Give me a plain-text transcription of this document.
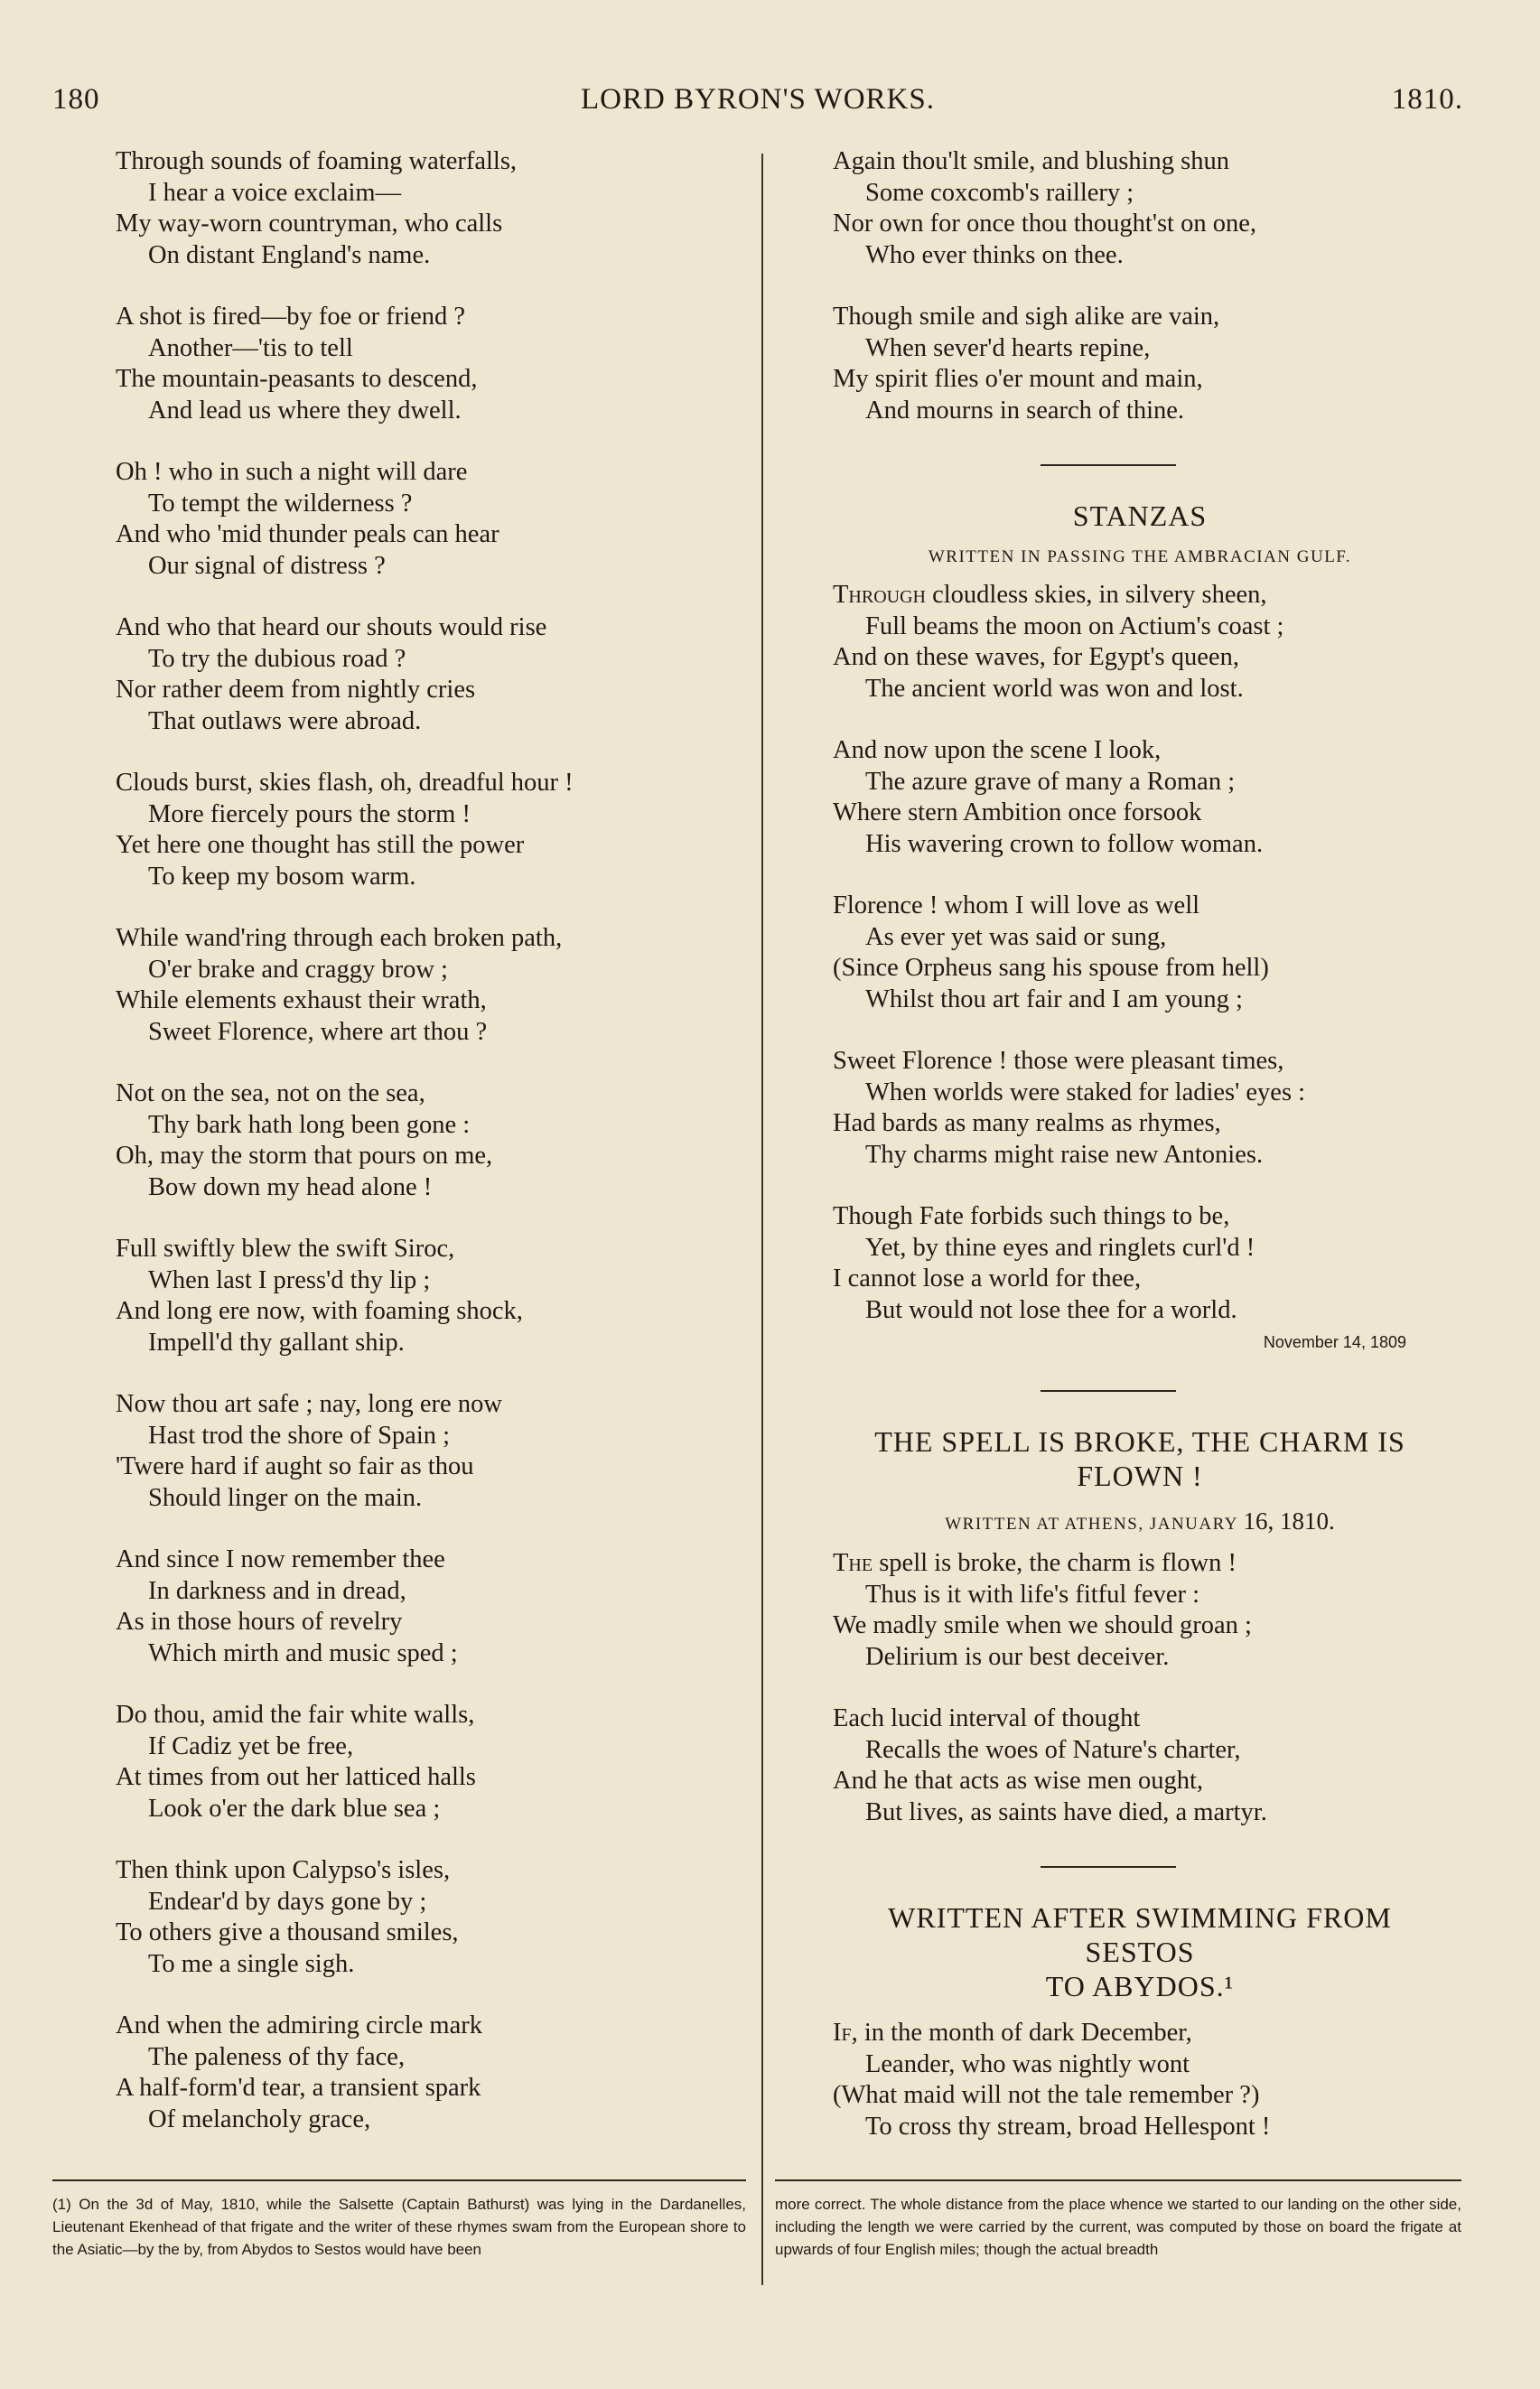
180	LORD BYRON'S WORKS.	1810.
Through sounds of foaming waterfalls,
I hear a voice exclaim—
My way-worn countryman, who calls
On distant England's name.
A shot is fired—by foe or friend ?
Another—'tis to tell
The mountain-peasants to descend,
And lead us where they dwell.
Oh ! who in such a night will dare
To tempt the wilderness ?
And who 'mid thunder peals can hear
Our signal of distress ?
And who that heard our shouts would rise
To try the dubious road ?
Nor rather deem from nightly cries
That outlaws were abroad.
Clouds burst, skies flash, oh, dreadful hour !
More fiercely pours the storm !
Yet here one thought has still the power
To keep my bosom warm.
While wand'ring through each broken path,
O'er brake and craggy brow ;
While elements exhaust their wrath,
Sweet Florence, where art thou ?
Not on the sea, not on the sea,
Thy bark hath long been gone :
Oh, may the storm that pours on me,
Bow down my head alone !
Full swiftly blew the swift Siroc,
When last I press'd thy lip ;
And long ere now, with foaming shock,
Impell'd thy gallant ship.
Now thou art safe ; nay, long ere now
Hast trod the shore of Spain ;
'Twere hard if aught so fair as thou
Should linger on the main.
And since I now remember thee
In darkness and in dread,
As in those hours of revelry
Which mirth and music sped ;
Do thou, amid the fair white walls,
If Cadiz yet be free,
At times from out her latticed halls
Look o'er the dark blue sea ;
Then think upon Calypso's isles,
Endear'd by days gone by ;
To others give a thousand smiles,
To me a single sigh.
And when the admiring circle mark
The paleness of thy face,
A half-form'd tear, a transient spark
Of melancholy grace,
Again thou'lt smile, and blushing shun
Some coxcomb's raillery ;
Nor own for once thou thought'st on one,
Who ever thinks on thee.
Though smile and sigh alike are vain,
When sever'd hearts repine,
My spirit flies o'er mount and main,
And mourns in search of thine.
STANZAS
WRITTEN IN PASSING THE AMBRACIAN GULF.
Through cloudless skies, in silvery sheen,
Full beams the moon on Actium's coast ;
And on these waves, for Egypt's queen,
The ancient world was won and lost.
And now upon the scene I look,
The azure grave of many a Roman ;
Where stern Ambition once forsook
His wavering crown to follow woman.
Florence ! whom I will love as well
As ever yet was said or sung,
(Since Orpheus sang his spouse from hell)
Whilst thou art fair and I am young ;
Sweet Florence ! those were pleasant times,
When worlds were staked for ladies' eyes :
Had bards as many realms as rhymes,
Thy charms might raise new Antonies.
Though Fate forbids such things to be,
Yet, by thine eyes and ringlets curl'd !
I cannot lose a world for thee,
But would not lose thee for a world.
November 14, 1809
THE SPELL IS BROKE, THE CHARM IS
FLOWN !
WRITTEN AT ATHENS, JANUARY 16, 1810.
The spell is broke, the charm is flown !
Thus is it with life's fitful fever :
We madly smile when we should groan ;
Delirium is our best deceiver.
Each lucid interval of thought
Recalls the woes of Nature's charter,
And he that acts as wise men ought,
But lives, as saints have died, a martyr.
WRITTEN AFTER SWIMMING FROM SESTOS
TO ABYDOS.¹
If, in the month of dark December,
Leander, who was nightly wont
(What maid will not the tale remember ?)
To cross thy stream, broad Hellespont !
(1) On the 3d of May, 1810, while the Salsette (Captain Bathurst) was lying in the Dardanelles, Lieutenant Ekenhead of that frigate and the writer of these rhymes swam from the European shore to the Asiatic—by the by, from Abydos to Sestos would have been
more correct. The whole distance from the place whence we started to our landing on the other side, including the length we were carried by the current, was computed by those on board the frigate at upwards of four English miles; though the actual breadth
